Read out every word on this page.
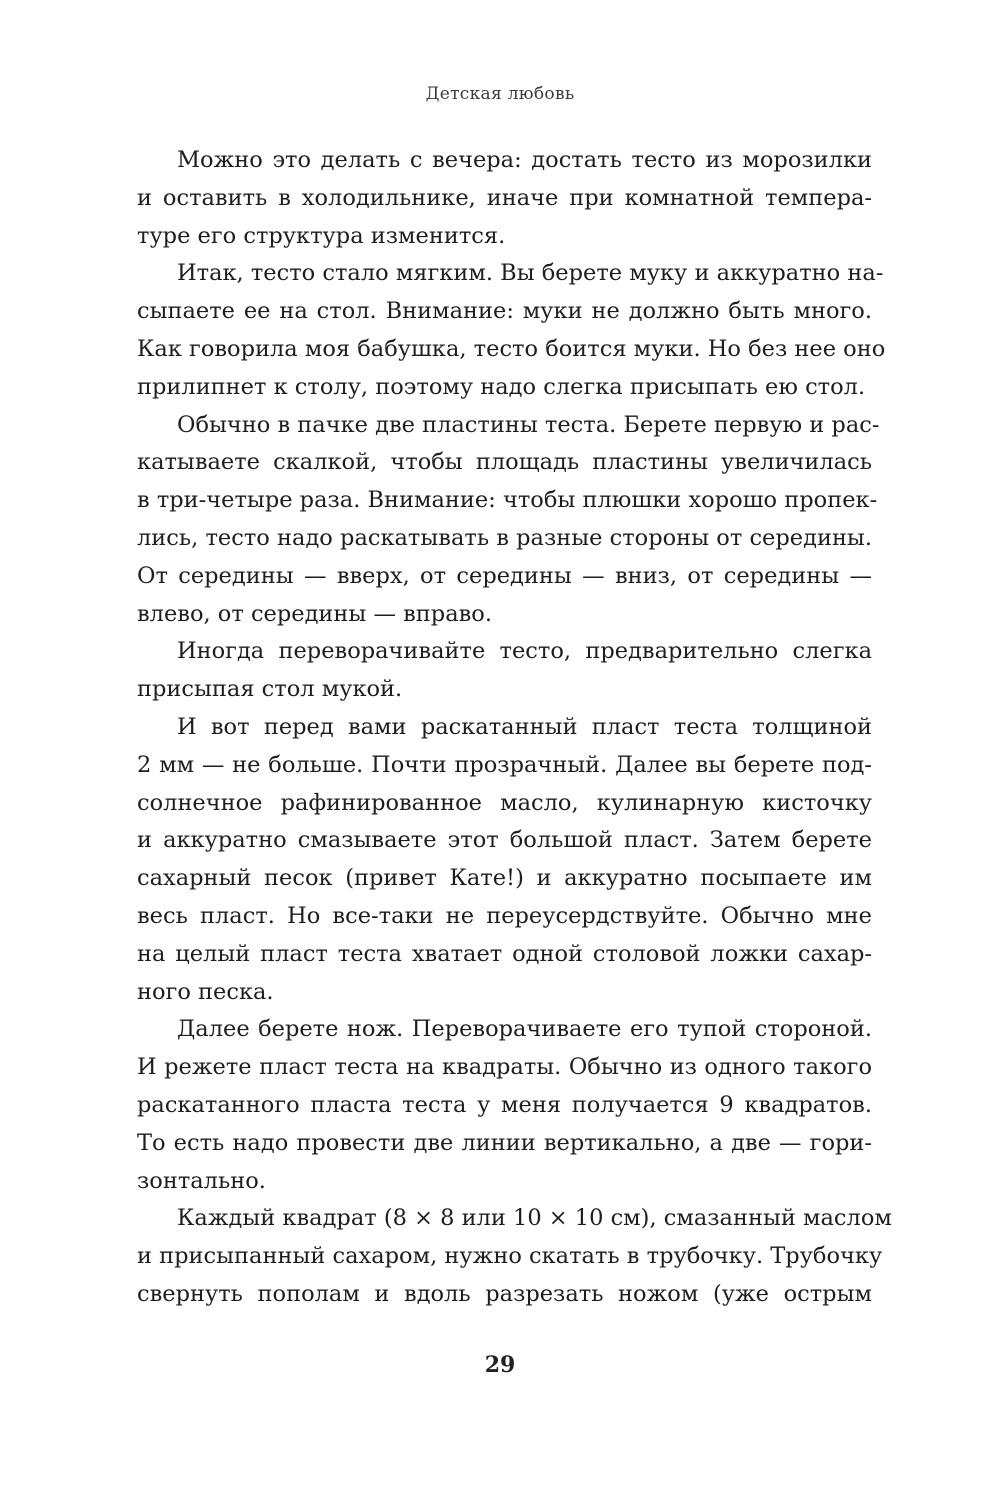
Детская любовь
Можно это делать с вечера: достать тесто из морозилки
и оставить в холодильнике, иначе при комнатной темпера-
туре его структура изменится.
Итак, тесто стало мягким. Вы берете муку и аккуратно на-
сыпаете ее на стол. Внимание: муки не должно быть много.
Как говорила моя бабушка, тесто боится муки. Но без нее оно
прилипнет к столу, поэтому надо слегка присыпать ею стол.
Обычно в пачке две пластины теста. Берете первую и рас-
катываете скалкой, чтобы площадь пластины увеличилась
в три-четыре раза. Внимание: чтобы плюшки хорошо пропек-
лись, тесто надо раскатывать в разные стороны от середины.
От середины — вверх, от середины — вниз, от середины —
влево, от середины — вправо.
Иногда переворачивайте тесто, предварительно слегка
присыпая стол мукой.
И вот перед вами раскатанный пласт теста толщиной
2 мм — не больше. Почти прозрачный. Далее вы берете под-
солнечное рафинированное масло, кулинарную кисточку
и аккуратно смазываете этот большой пласт. Затем берете
сахарный песок (привет Кате!) и аккуратно посыпаете им
весь пласт. Но все-таки не переусердствуйте. Обычно мне
на целый пласт теста хватает одной столовой ложки сахар-
ного песка.
Далее берете нож. Переворачиваете его тупой стороной.
И режете пласт теста на квадраты. Обычно из одного такого
раскатанного пласта теста у меня получается 9 квадратов.
То есть надо провести две линии вертикально, а две — гори-
зонтально.
Каждый квадрат (8 × 8 или 10 × 10 см), смазанный маслом
и присыпанный сахаром, нужно скатать в трубочку. Трубочку
свернуть пополам и вдоль разрезать ножом (уже острым
29
